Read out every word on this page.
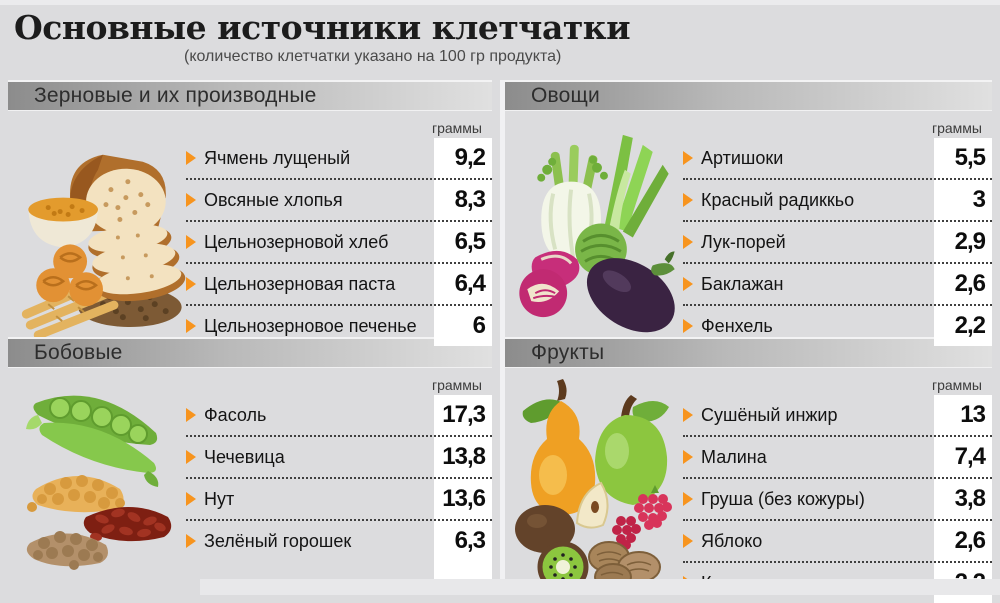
Основные источники клетчатки
(количество клетчатки указано на 100 гр продукта)
Зерновые и их производные
граммы
Ячмень лущеный	9,2
Овсяные хлопья	8,3
Цельнозерновой хлеб	6,5
Цельнозерновая паста	6,4
Цельнозерновое печенье	6
Овощи
граммы
Артишоки	5,5
Красный радиккьо	3
Лук-порей	2,9
Баклажан	2,6
Фенхель	2,2
Бобовые
граммы
Фасоль	17,3
Чечевица	13,8
Нут	13,6
Зелёный горошек	6,3
Фрукты
граммы
Сушёный инжир	13
Малина	7,4
Груша (без кожуры)	3,8
Яблоко	2,6
